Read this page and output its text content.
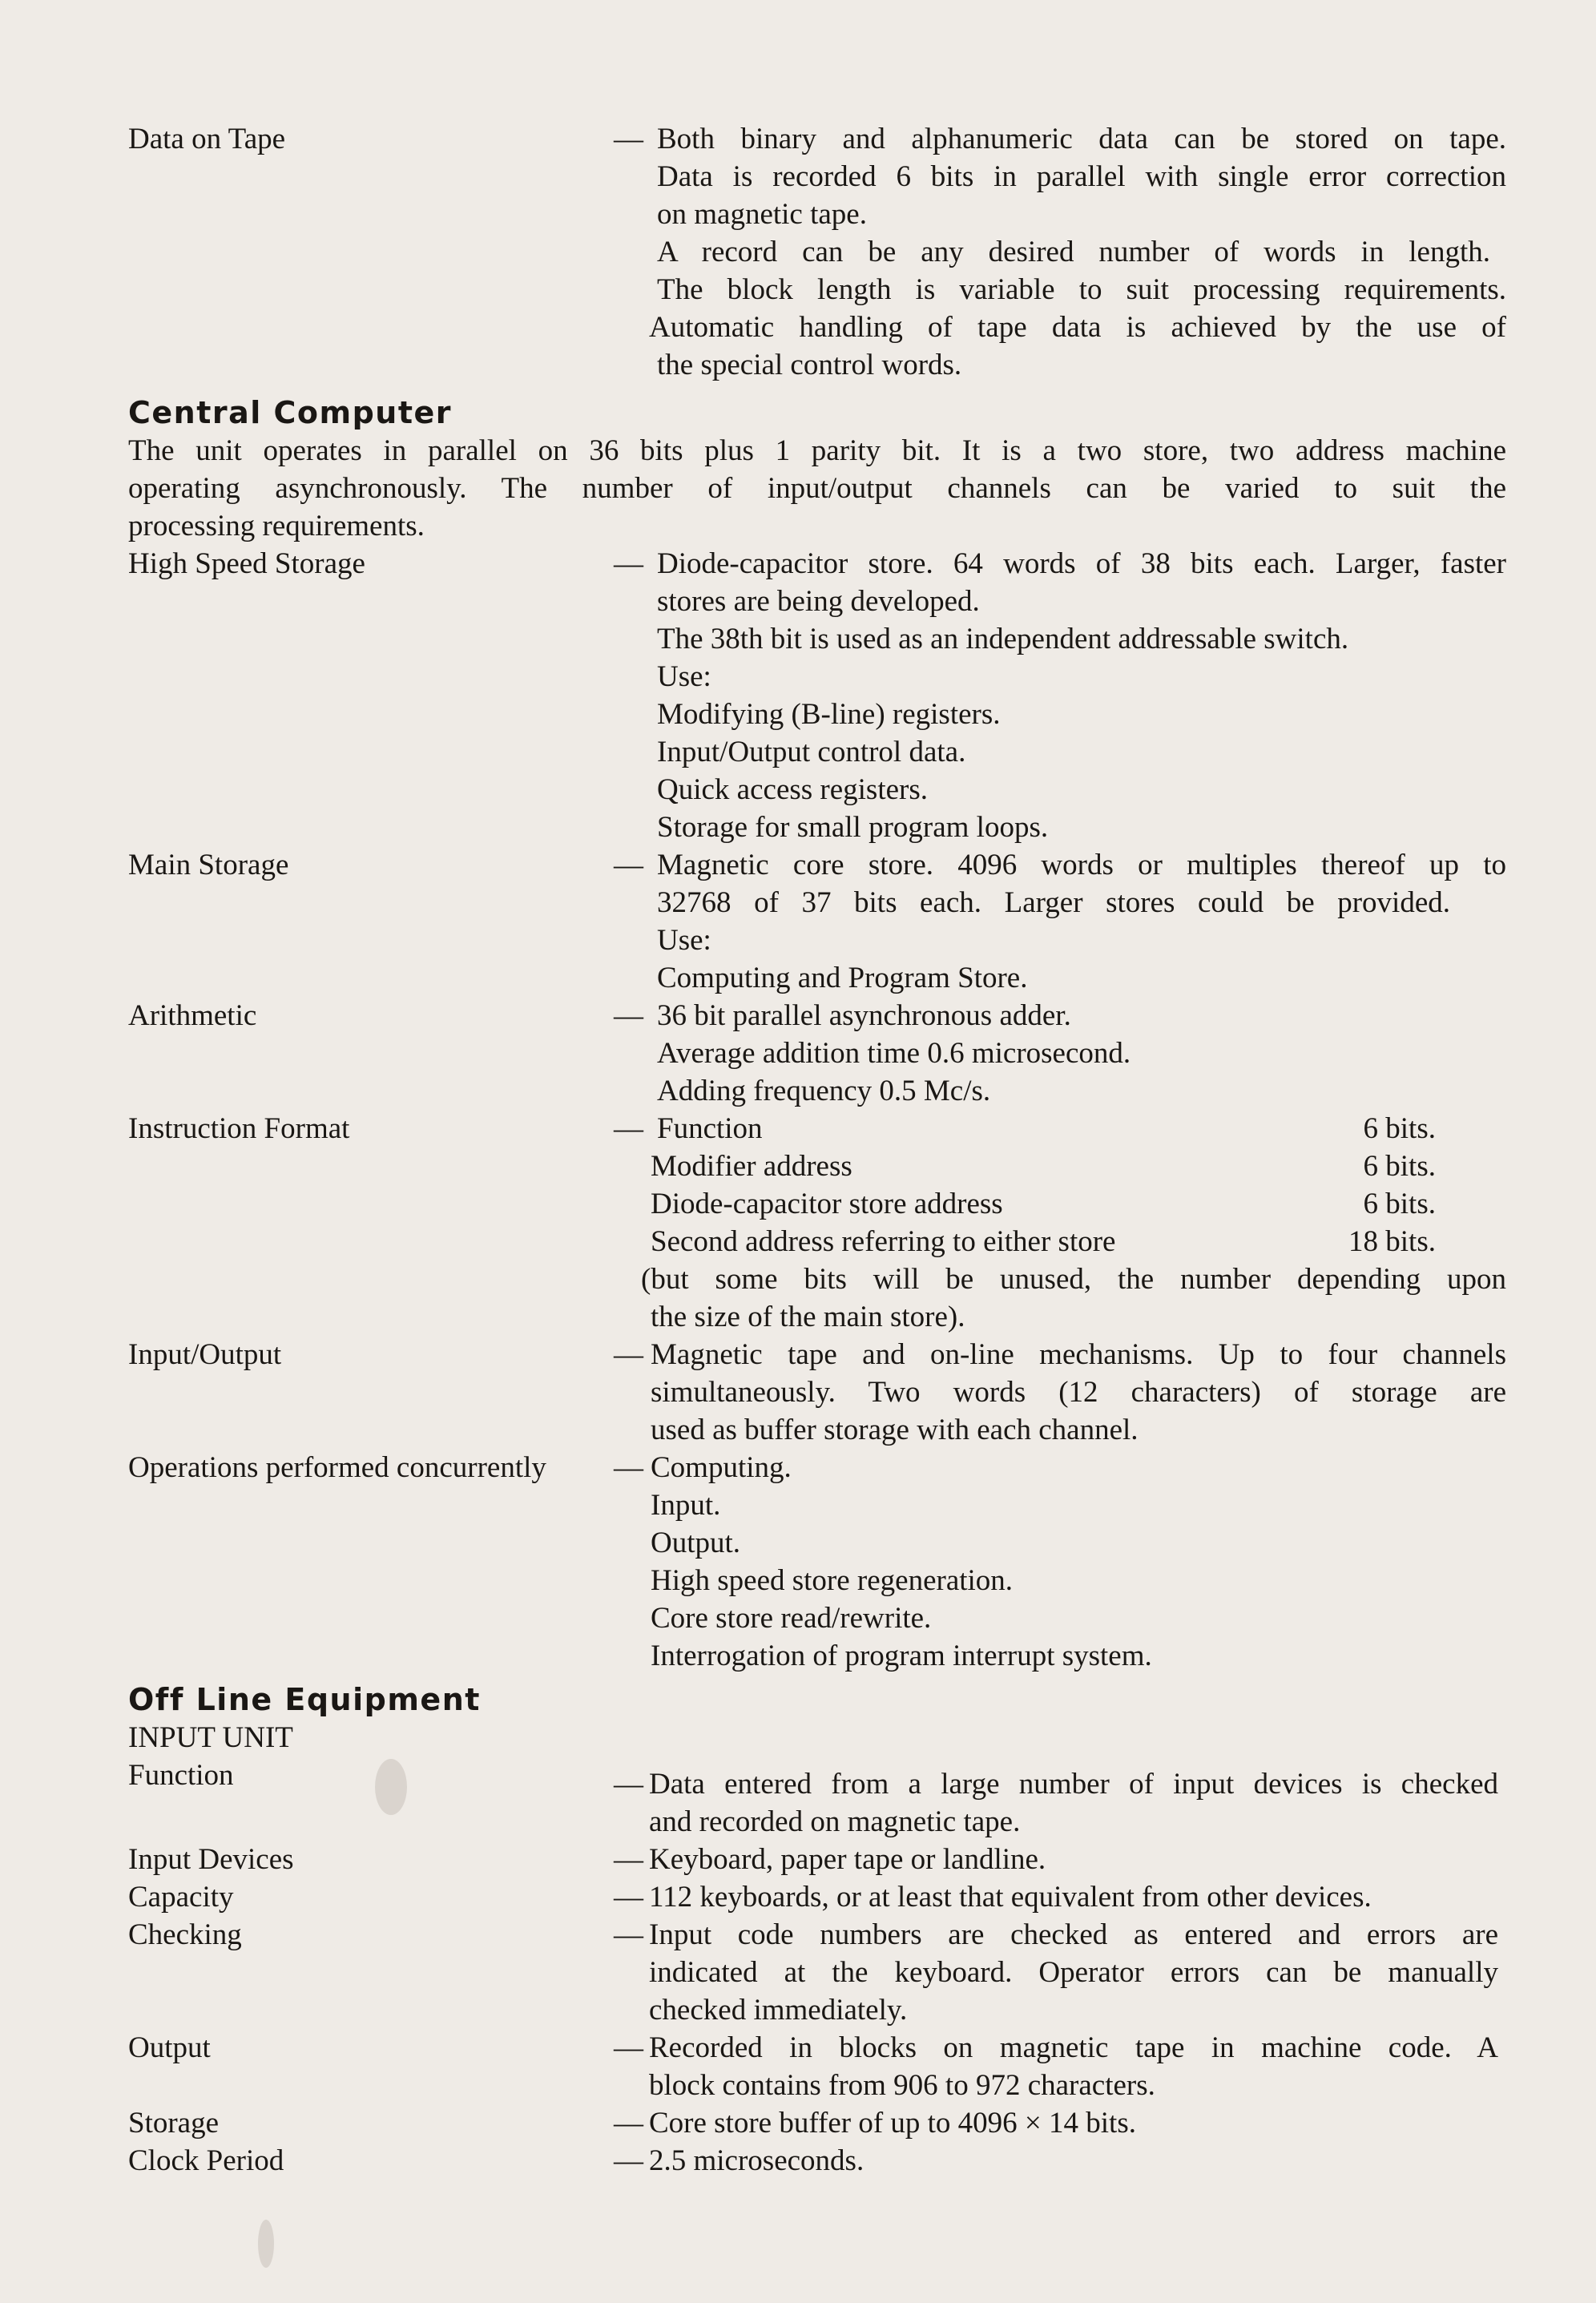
Data on Tape	— Both binary and alphanumeric data can be stored on tape.
Data is recorded 6 bits in parallel with single error correction
on magnetic tape.
A record can be any desired number of words in length.
The block length is variable to suit processing requirements.
Automatic handling of tape data is achieved by the use of
the special control words.
Central Computer
The unit operates in parallel on 36 bits plus 1 parity bit. It is a two store, two address machine
operating asynchronously. The number of input/output channels can be varied to suit the
processing requirements.
High Speed Storage	— Diode-capacitor store. 64 words of 38 bits each. Larger, faster
stores are being developed.
The 38th bit is used as an independent addressable switch.
Use:
Modifying (B-line) registers.
Input/Output control data.
Quick access registers.
Storage for small program loops.
Main Storage	— Magnetic core store. 4096 words or multiples thereof up to
32768 of 37 bits each. Larger stores could be provided.
Use:
Computing and Program Store.
Arithmetic	— 36 bit parallel asynchronous adder.
Average addition time 0.6 microsecond.
Adding frequency 0.5 Mc/s.
Instruction Format	— Function	6 bits.
Modifier address	6 bits.
Diode-capacitor store address	6 bits.
Second address referring to either store	18 bits.
(but some bits will be unused, the number depending upon
the size of the main store).
Input/Output	— Magnetic tape and on-line mechanisms. Up to four channels
simultaneously. Two words (12 characters) of storage are
used as buffer storage with each channel.
Operations performed concurrently — Computing.
Input.
Output.
High speed store regeneration.
Core store read/rewrite.
Interrogation of program interrupt system.
Off Line Equipment
INPUT UNIT
Function	— Data entered from a large number of input devices is checked
and recorded on magnetic tape.
Input Devices	— Keyboard, paper tape or landline.
Capacity	— 112 keyboards, or at least that equivalent from other devices.
Checking	— Input code numbers are checked as entered and errors are
indicated at the keyboard. Operator errors can be manually
checked immediately.
Output	— Recorded in blocks on magnetic tape in machine code. A
block contains from 906 to 972 characters.
Storage	— Core store buffer of up to 4096 × 14 bits.
Clock Period	— 2.5 microseconds.
